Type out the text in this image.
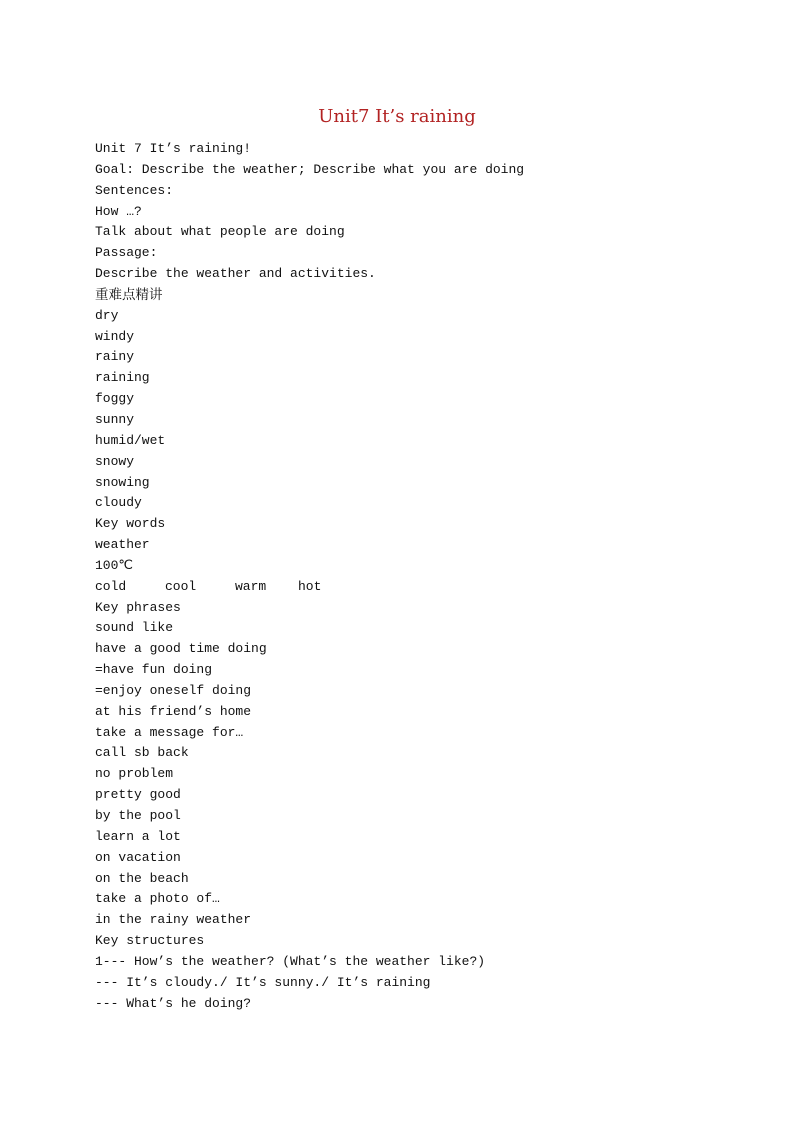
Unit7 It’s raining
Unit 7 It’s raining!
Goal: Describe the weather; Describe what you are doing
Sentences:
How …?
Talk about what people are doing
Passage:
Describe the weather and activities.
重难点精讲
dry
windy
rainy
raining
foggy
sunny
humid/wet
snowy
snowing
cloudy
Key words
weather
100℃
cold	cool	warm	hot
Key phrases
sound like
have a good time doing
=have fun doing
=enjoy oneself doing
at his friend’s home
take a message for…
call sb back
no problem
pretty good
by the pool
learn a lot
on vacation
on the beach
take a photo of…
in the rainy weather
Key structures
1--- How’s the weather? (What’s the weather like?)
--- It’s cloudy./ It’s sunny./ It’s raining
--- What’s he doing?
